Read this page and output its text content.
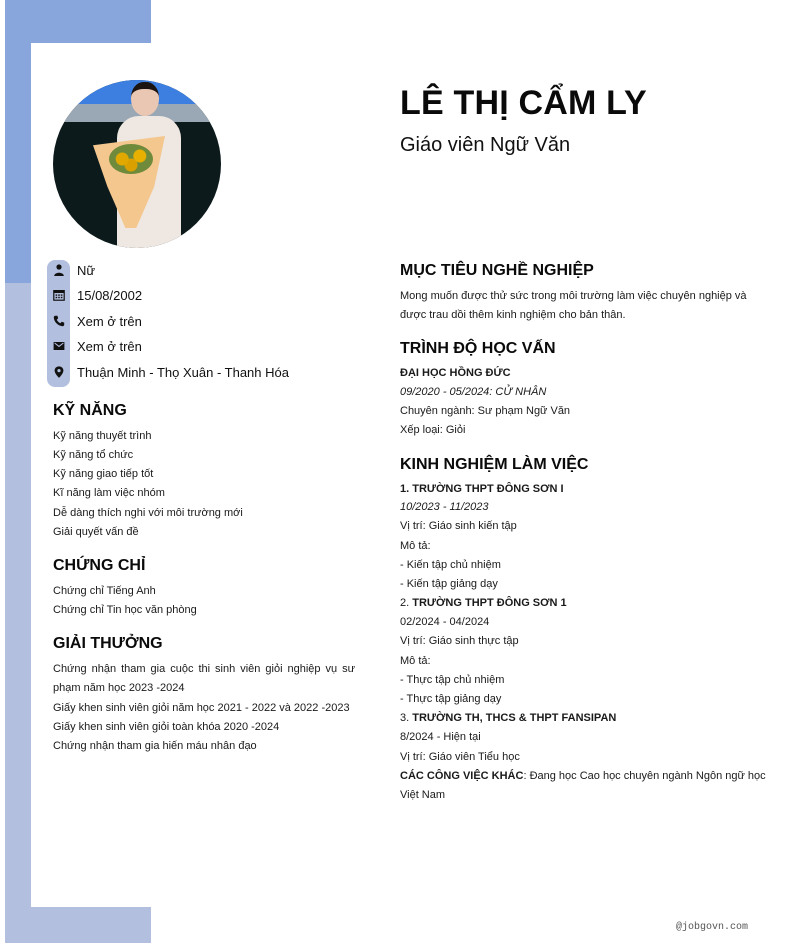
LÊ THỊ CẨM LY
Giáo viên Ngữ Văn
Nữ
15/08/2002
Xem ở trên
Xem ở trên
Thuận Minh - Thọ Xuân - Thanh Hóa
KỸ NĂNG
Kỹ năng thuyết trình
Kỹ năng tổ chức
Kỹ năng giao tiếp tốt
Kĩ năng làm việc nhóm
Dễ dàng thích nghi với môi trường mới
Giải quyết vấn đề
CHỨNG CHỈ
Chứng chỉ Tiếng Anh
Chứng chỉ Tin học văn phòng
GIẢI THƯỞNG
Chứng nhận tham gia cuộc thi sinh viên giỏi nghiệp vụ sư phạm năm học 2023 -2024
Giấy khen sinh viên giỏi năm học 2021 - 2022 và 2022 -2023
Giấy khen sinh viên giỏi toàn khóa 2020 -2024
Chứng nhận tham gia hiến máu nhân đạo
MỤC TIÊU NGHỀ NGHIỆP
Mong muốn được thử sức trong môi trường làm việc chuyên nghiệp và được trau dồi thêm kinh nghiệm cho bản thân.
TRÌNH ĐỘ HỌC VẤN
ĐẠI HỌC HỒNG ĐỨC
09/2020 - 05/2024: CỬ NHÂN
Chuyên ngành: Sư phạm Ngữ Văn
Xếp loại: Giỏi
KINH NGHIỆM LÀM VIỆC
1. TRƯỜNG THPT ĐÔNG SƠN I
10/2023 - 11/2023
Vị trí: Giáo sinh kiến tập
Mô tả:
- Kiến tập chủ nhiệm
- Kiến tập giảng dạy
2. TRƯỜNG THPT ĐÔNG SƠN 1
02/2024 - 04/2024
Vị trí: Giáo sinh thực tập
Mô tả:
- Thực tập chủ nhiệm
- Thực tập giảng dạy
3. TRƯỜNG TH, THCS & THPT FANSIPAN
8/2024 - Hiện tại
Vị trí: Giáo viên Tiểu học
CÁC CÔNG VIỆC KHÁC: Đang học Cao học chuyên ngành Ngôn ngữ học Việt Nam
@jobgovn.com
